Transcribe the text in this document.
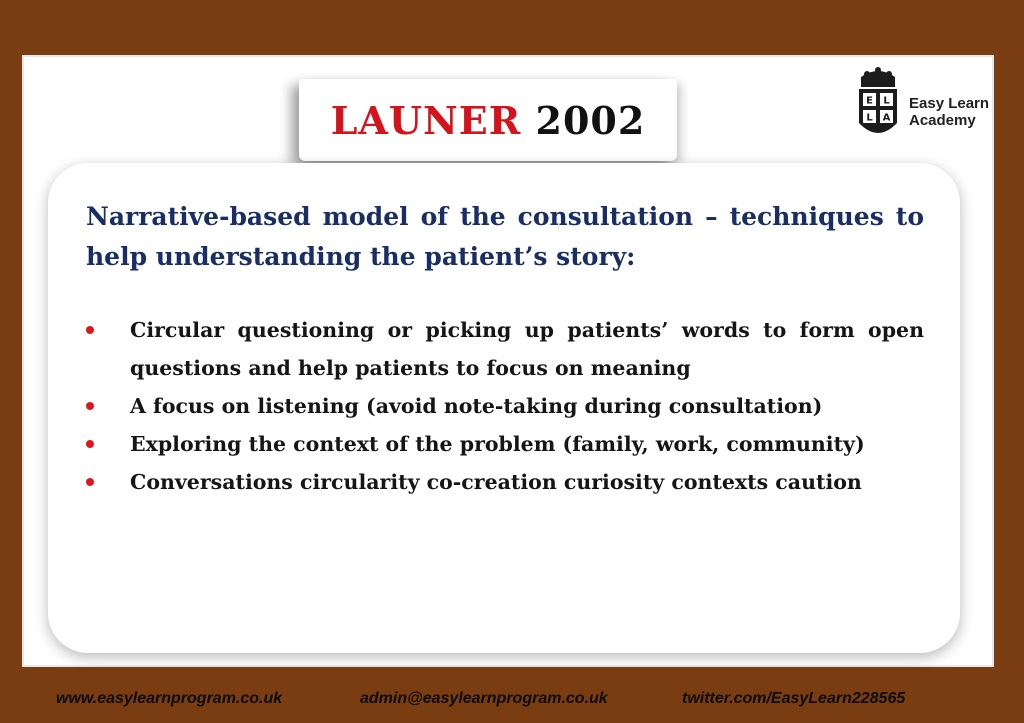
LAUNER 2002	E L
L A
Easy Learn
Academy

Narrative-based model of the consultation – techniques to help understanding the patient’s story:

Circular questioning or picking up patients’ words to form open questions and help patients to focus on meaning
A focus on listening (avoid note-taking during consultation)
Exploring the context of the problem (family, work, community)
Conversations circularity co-creation curiosity contexts caution
www.easylearnprogram.co.uk	admin@easylearnprogram.co.uk	twitter.com/EasyLearn228565
